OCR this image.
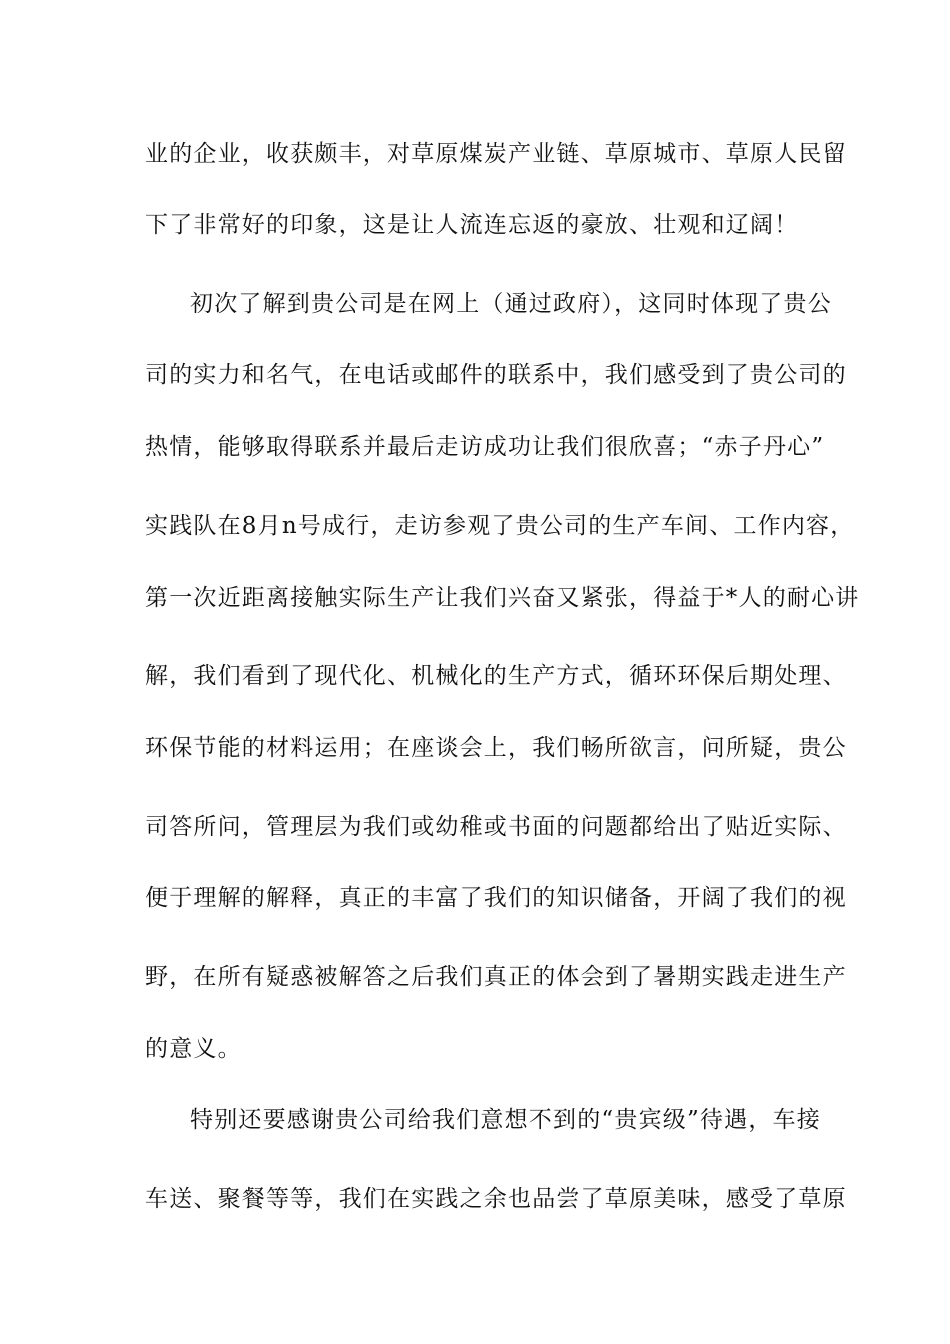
业的企业，收获颇丰，对草原煤炭产业链、草原城市、草原人民留

下了非常好的印象，这是让人流连忘返的豪放、壮观和辽阔！

初次了解到贵公司是在网上（通过政府），这同时体现了贵公

司的实力和名气，在电话或邮件的联系中，我们感受到了贵公司的

热情，能够取得联系并最后走访成功让我们很欣喜；“赤子丹心”

实践队在8月n号成行，走访参观了贵公司的生产车间、工作内容，

第一次近距离接触实际生产让我们兴奋又紧张，得益于*人的耐心讲

解，我们看到了现代化、机械化的生产方式，循环环保后期处理、

环保节能的材料运用；在座谈会上，我们畅所欲言，问所疑，贵公

司答所问，管理层为我们或幼稚或书面的问题都给出了贴近实际、

便于理解的解释，真正的丰富了我们的知识储备，开阔了我们的视

野，在所有疑惑被解答之后我们真正的体会到了暑期实践走进生产

的意义。

特别还要感谢贵公司给我们意想不到的“贵宾级”待遇，车接

车送、聚餐等等，我们在实践之余也品尝了草原美味，感受了草原
